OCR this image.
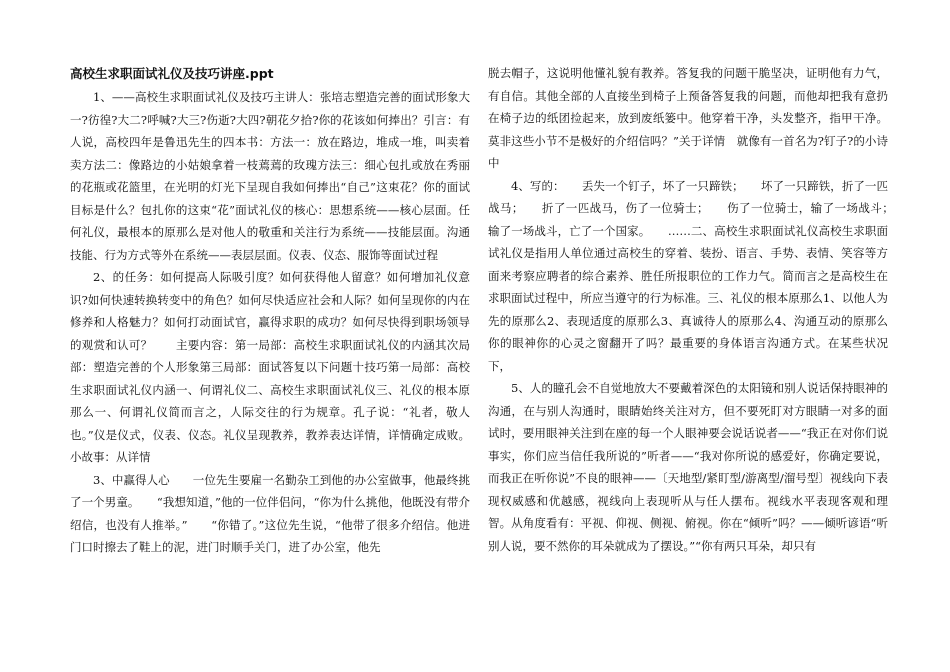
高校生求职面试礼仪及技巧讲座.ppt

1、——高校生求职面试礼仪及技巧主讲人：张培志塑造完善的面试形象大一?彷徨?大二?呼喊?大三?伤逝?大四?朝花夕拾?你的花该如何捧出？引言：有人说，高校四年是鲁迅先生的四本书：方法一：放在路边，堆成一堆，叫卖着卖方法二：像路边的小姑娘拿着一枝蔫蔫的玫瑰方法三：细心包扎或放在秀丽的花瓶或花篮里，在光明的灯光下呈现自我如何捧出“自己”这束花？你的面试目标是什么？包扎你的这束“花”面试礼仪的核心：思想系统——核心层面。任何礼仪，最根本的原那么是对他人的敬重和关注行为系统——技能层面。沟通技能、行为方式等外在系统——表层层面。仪表、仪态、服饰等面试过程

2、的任务：如何提高人际吸引度？如何获得他人留意？如何增加礼仪意识?如何快速转换转变中的角色？如何尽快适应社会和人际？如何呈现你的内在修养和人格魅力？如何打动面试官，赢得求职的成功？如何尽快得到职场领导的观赏和认可？　　主要内容：第一局部：高校生求职面试礼仪的内涵其次局部：塑造完善的个人形象第三局部：面试答复以下问题十技巧第一局部：高校生求职面试礼仪内涵一、何谓礼仪二、高校生求职面试礼仪三、礼仪的根本原那么一、何谓礼仪简而言之，人际交往的行为规章。孔子说：“礼者，敬人也。”仪是仪式，仪表、仪态。礼仪呈现教养，教养表达详情，详情确定成败。小故事：从详情

3、中赢得人心　　一位先生要雇一名勤杂工到他的办公室做事，他最终挑了一个男童。　　“我想知道，”他的一位伴侣问，“你为什么挑他，他既没有带介绍信，也没有人推举。”　　“你错了。”这位先生说，“他带了很多介绍信。他进门口时擦去了鞋上的泥，进门时顺手关门，进了办公室，他先

脱去帽子，这说明他懂礼貌有教养。答复我的问题干脆坚决，证明他有力气，有自信。其他全部的人直接坐到椅子上预备答复我的问题，而他却把我有意扔在椅子边的纸团捡起来，放到废纸篓中。他穿着干净，头发整齐，指甲干净。莫非这些小节不是极好的介绍信吗？”关于详情　就像有一首名为?钉子?的小诗中

4、写的：　　丢失一个钉子，坏了一只蹄铁；　　坏了一只蹄铁，折了一匹战马；　　折了一匹战马，伤了一位骑士；　　伤了一位骑士，输了一场战斗；　　输了一场战斗，亡了一个国家。　　……二、高校生求职面试礼仪高校生求职面试礼仪是指用人单位通过高校生的穿着、装扮、语言、手势、表情、笑容等方面来考察应聘者的综合素养、胜任所报职位的工作力气。简而言之是高校生在求职面试过程中，所应当遵守的行为标准。三、礼仪的根本原那么1、以他人为先的原那么2、表现适度的原那么3、真诚待人的原那么4、沟通互动的原那么你的眼神你的心灵之窗翻开了吗？最重要的身体语言沟通方式。在某些状况下，

5、人的瞳孔会不自觉地放大不要戴着深色的太阳镜和别人说话保持眼神的沟通，在与别人沟通时，眼睛始终关注对方，但不要死盯对方眼睛一对多的面试时，要用眼神关注到在座的每一个人眼神要会说话说者——“我正在对你们说事实，你们应当信任我所说的”听者——“我对你所说的感爱好，你确定要说，而我正在听你说”不良的眼神——〔天地型/紧盯型/游离型/溜号型〕视线向下表现权威感和优越感，视线向上表现听从与任人摆布。视线水平表现客观和理智。从角度看有：平视、仰视、侧视、俯视。你在“倾听”吗？——倾听谚语“听别人说，要不然你的耳朵就成为了摆设。”“你有两只耳朵，却只有
